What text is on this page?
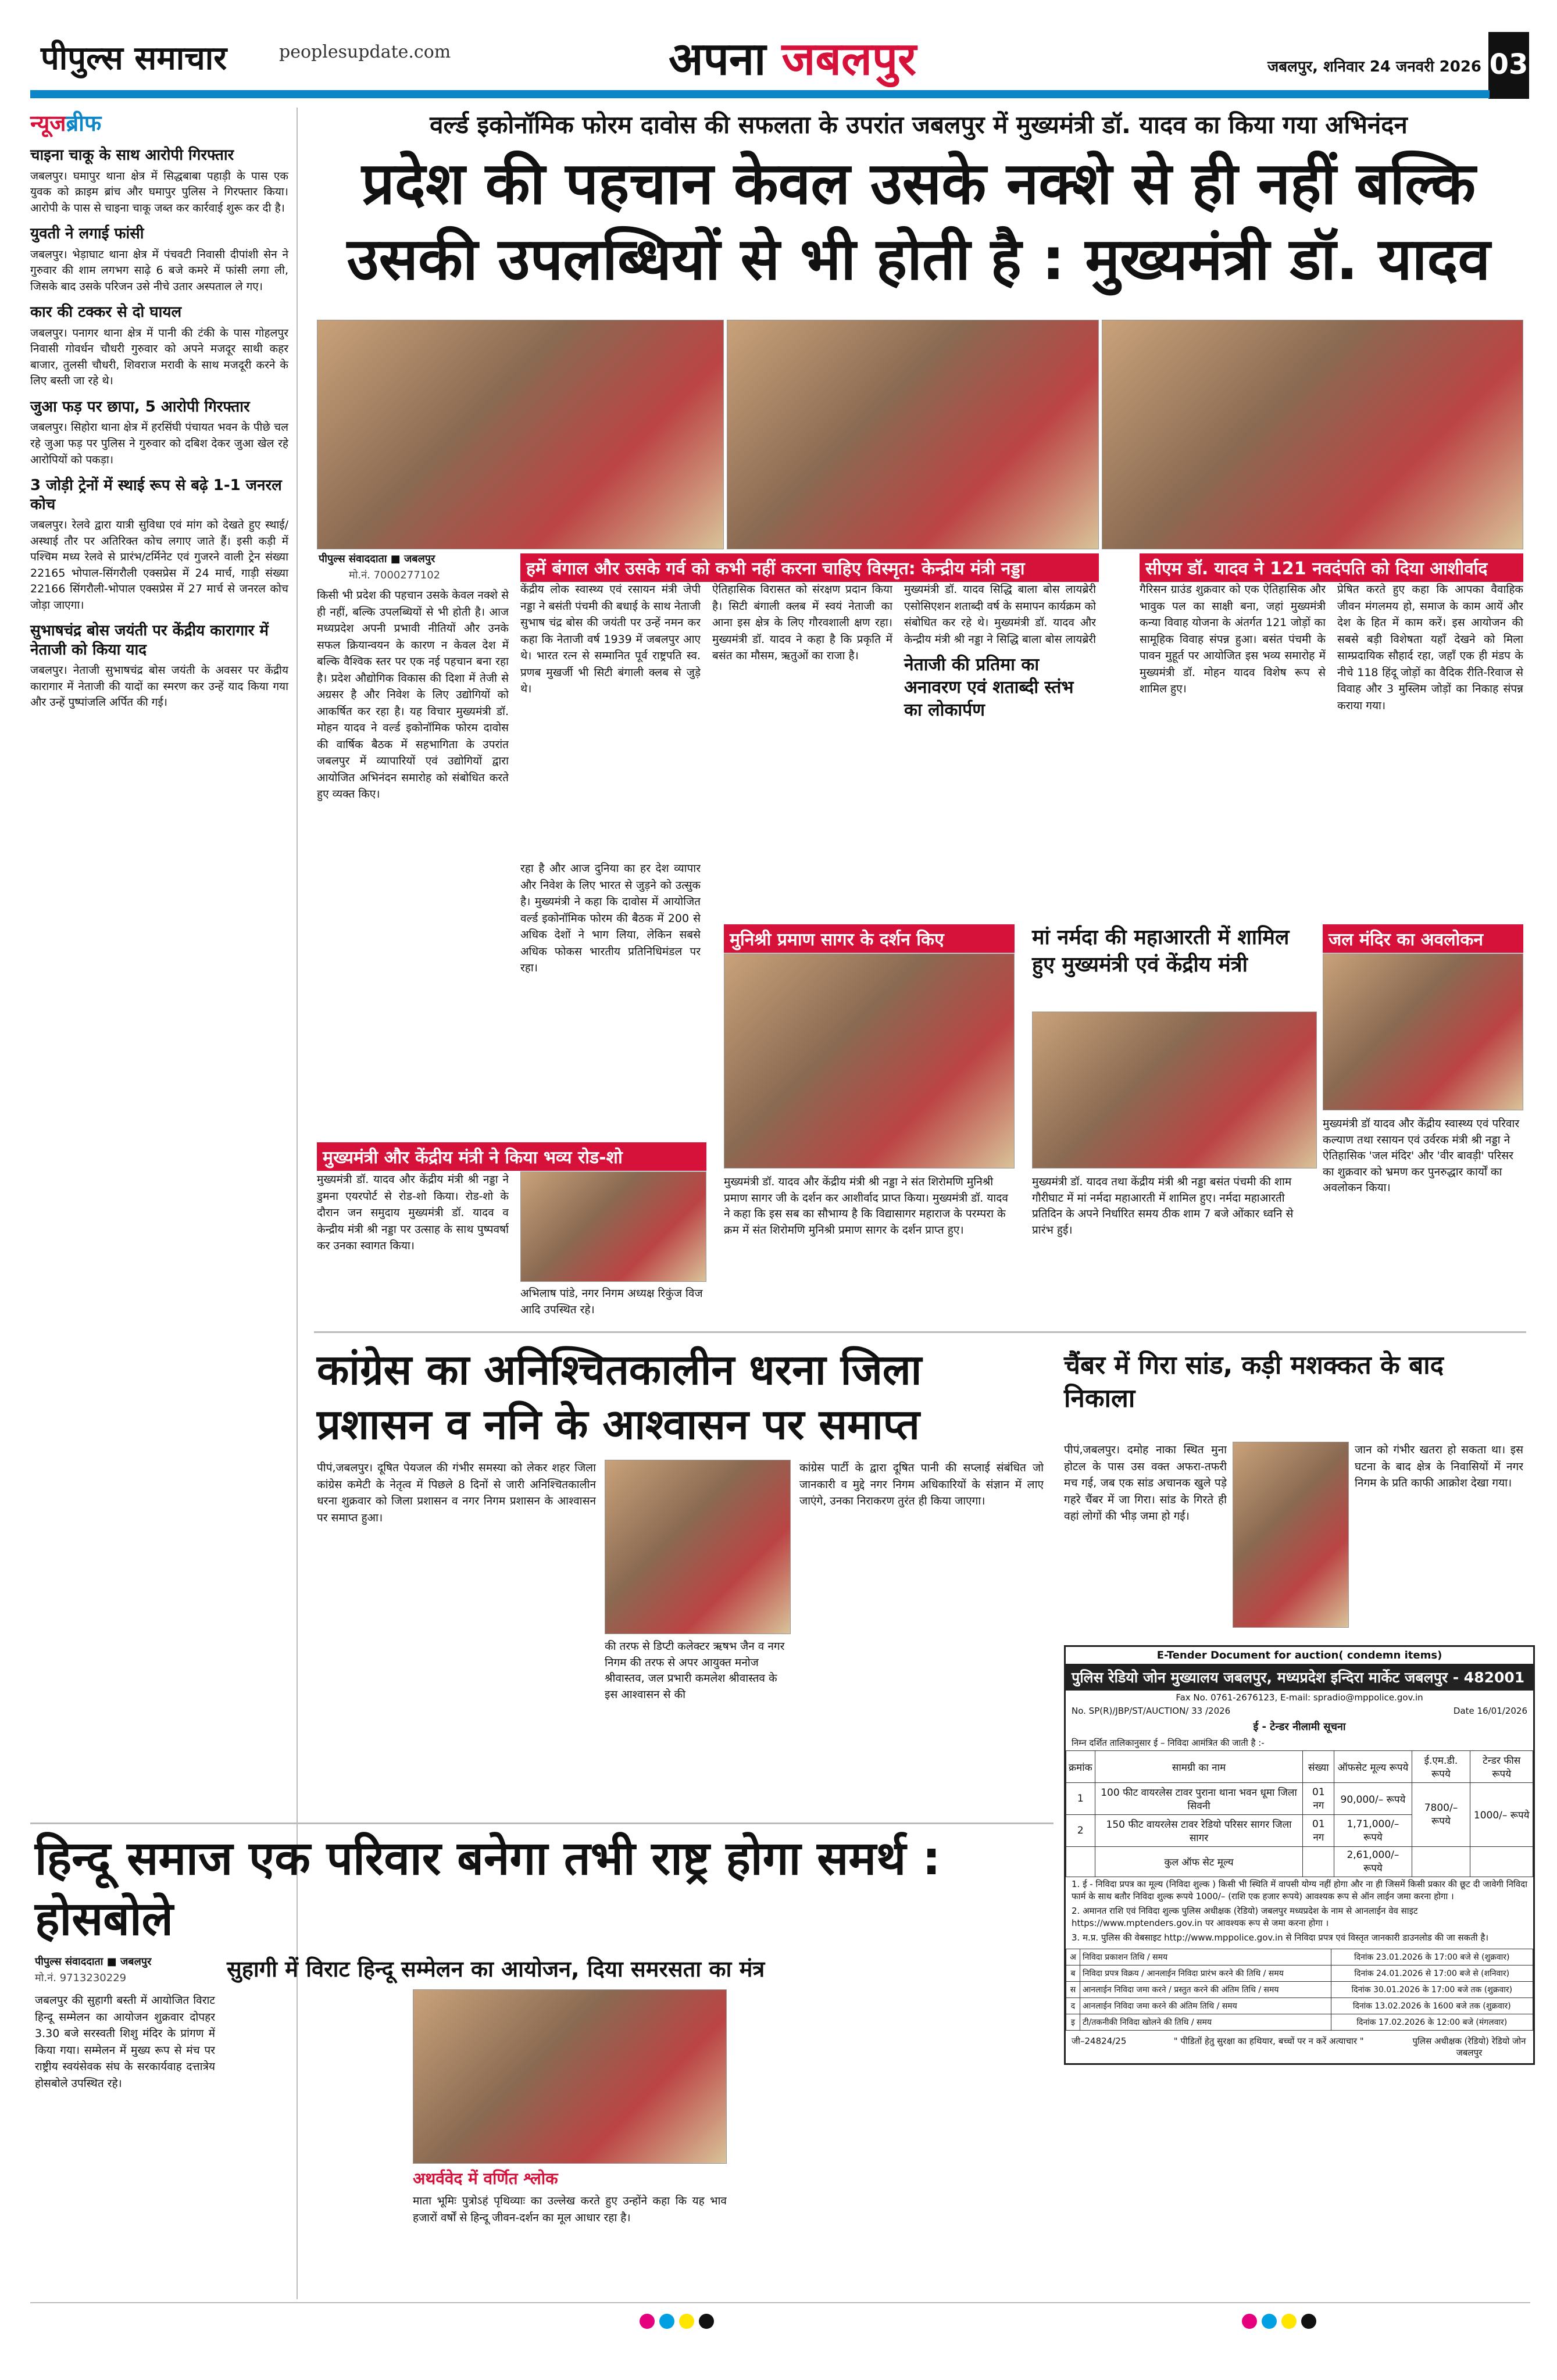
पीपुल्स समाचार	peoplesupdate.com	अपना जबलपुर	जबलपुर, शनिवार 24 जनवरी 2026 03
न्यूजब्रीफ
चाइना चाकू के साथ आरोपी गिरफ्तार
जबलपुर। घमापुर थाना क्षेत्र में सिद्धबाबा पहाड़ी के पास एक युवक को क्राइम ब्रांच और घमापुर पुलिस ने गिरफ्तार किया। आरोपी के पास से चाइना चाकू जब्त कर कार्रवाई शुरू कर दी है।
युवती ने लगाई फांसी
जबलपुर। भेड़ाघाट थाना क्षेत्र में पंचवटी निवासी दीपांशी सेन ने गुरुवार की शाम लगभग साढ़े 6 बजे कमरे में फांसी लगा ली, जिसके बाद उसके परिजन उसे नीचे उतार अस्पताल ले गए।
कार की टक्कर से दो घायल
जबलपुर। पनागर थाना क्षेत्र में पानी की टंकी के पास गोहलपुर निवासी गोवर्धन चौधरी गुरुवार को अपने मजदूर साथी कहर बाजार, तुलसी चौधरी, शिवराज मरावी के साथ मजदूरी करने के लिए बस्ती जा रहे थे।
जुआ फड़ पर छापा, 5 आरोपी गिरफ्तार
जबलपुर। सिहोरा थाना क्षेत्र में हरसिंघी पंचायत भवन के पीछे चल रहे जुआ फड़ पर पुलिस ने गुरुवार को दबिश देकर जुआ खेल रहे आरोपियों को पकड़ा।
3 जोड़ी ट्रेनों में स्थाई रूप से बढ़े 1-1 जनरल कोच
जबलपुर। रेलवे द्वारा यात्री सुविधा एवं मांग को देखते हुए स्थाई/अस्थाई तौर पर अतिरिक्त कोच लगाए जाते हैं। इसी कड़ी में पश्चिम मध्य रेलवे से प्रारंभ/टर्मिनेट एवं गुजरने वाली ट्रेन संख्या 22165 भोपाल-सिंगरौली एक्सप्रेस में 24 मार्च, गाड़ी संख्या 22166 सिंगरौली-भोपाल एक्सप्रेस में 27 मार्च से जनरल कोच जोड़ा जाएगा।
सुभाषचंद्र बोस जयंती पर केंद्रीय कारागार में नेताजी को किया याद
जबलपुर। नेताजी सुभाषचंद्र बोस जयंती के अवसर पर केंद्रीय कारागार में नेताजी की यादों का स्मरण कर उन्हें याद किया गया और उन्हें पुष्पांजलि अर्पित की गई।
वर्ल्ड इकोनॉमिक फोरम दावोस की सफलता के उपरांत जबलपुर में मुख्यमंत्री डॉ. यादव का किया गया अभिनंदन
प्रदेश की पहचान केवल उसके नक्शे से ही नहीं बल्कि उसकी उपलब्धियों से भी होती है : मुख्यमंत्री डॉ. यादव
पीपुल्स संवाददाता ■ जबलपुर
मो.नं. 7000277102	हमें बंगाल और उसके गर्व को कभी नहीं करना चाहिए विस्मृत: केन्द्रीय मंत्री नड्डा	सीएम डॉ. यादव ने 121 नवदंपति को दिया आशीर्वाद
किसी भी प्रदेश की पहचान उसके केवल नक्शे से ही नहीं, बल्कि उपलब्धियों से भी होती है। आज मध्यप्रदेश अपनी प्रभावी नीतियों और उनके सफल क्रियान्वयन के कारण न केवल देश में बल्कि वैश्विक स्तर पर एक नई पहचान बना रहा है। प्रदेश औद्योगिक विकास की दिशा में तेजी से अग्रसर है और निवेश के लिए उद्योगियों को आकर्षित कर रहा है। यह विचार मुख्यमंत्री डॉ. मोहन यादव ने वर्ल्ड इकोनॉमिक फोरम दावोस की वार्षिक बैठक में सहभागिता के उपरांत जबलपुर में व्यापारियों एवं उद्योगियों द्वारा आयोजित अभिनंदन समारोह को संबोधित करते हुए व्यक्त किए।
केंद्रीय लोक स्वास्थ्य एवं रसायन मंत्री जेपी नड्डा ने बसंती पंचमी की बधाई के साथ नेताजी सुभाष चंद्र बोस की जयंती पर उन्हें नमन कर कहा कि नेताजी वर्ष 1939 में जबलपुर आए थे। भारत रत्न से सम्मानित पूर्व राष्ट्रपति स्व. प्रणब मुखर्जी भी सिटी बंगाली क्लब से जुड़े थे।
रहा है और आज दुनिया का हर देश व्यापार और निवेश के लिए भारत से जुड़ने को उत्सुक है। मुख्यमंत्री ने कहा कि दावोस में आयोजित वर्ल्ड इकोनॉमिक फोरम की बैठक में 200 से अधिक देशों ने भाग लिया, लेकिन सबसे अधिक फोकस भारतीय प्रतिनिधिमंडल पर रहा।
ऐतिहासिक विरासत को संरक्षण प्रदान किया है। सिटी बंगाली क्लब में स्वयं नेताजी का आना इस क्षेत्र के लिए गौरवशाली क्षण रहा। मुख्यमंत्री डॉ. यादव ने कहा है कि प्रकृति में बसंत का मौसम, ऋतुओं का राजा है।
मुख्यमंत्री डॉ. यादव सिद्धि बाला बोस लायब्रेरी एसोसिएशन शताब्दी वर्ष के समापन कार्यक्रम को संबोधित कर रहे थे। मुख्यमंत्री डॉ. यादव और केन्द्रीय मंत्री श्री नड्डा ने सिद्धि बाला बोस लायब्रेरी
नेताजी की प्रतिमा का अनावरण एवं शताब्दी स्तंभ का लोकार्पण
गैरिसन ग्राउंड शुक्रवार को एक ऐतिहासिक और भावुक पल का साक्षी बना, जहां मुख्यमंत्री कन्या विवाह योजना के अंतर्गत 121 जोड़ों का सामूहिक विवाह संपन्न हुआ। बसंत पंचमी के पावन मुहूर्त पर आयोजित इस भव्य समारोह में मुख्यमंत्री डॉ. मोहन यादव विशेष रूप से शामिल हुए।
प्रेषित करते हुए कहा कि आपका वैवाहिक जीवन मंगलमय हो, समाज के काम आयें और देश के हित में काम करें। इस आयोजन की सबसे बड़ी विशेषता यहाँ देखने को मिला साम्प्रदायिक सौहार्द रहा, जहाँ एक ही मंडप के नीचे 118 हिंदू जोड़ों का वैदिक रीति-रिवाज से विवाह और 3 मुस्लिम जोड़ों का निकाह संपन्न कराया गया।
मुनिश्री प्रमाण सागर के दर्शन किए
मुख्यमंत्री डॉ. यादव और केंद्रीय मंत्री श्री नड्डा ने संत शिरोमणि मुनिश्री प्रमाण सागर जी के दर्शन कर आशीर्वाद प्राप्त किया। मुख्यमंत्री डॉ. यादव ने कहा कि इस सब का सौभाग्य है कि विद्यासागर महाराज के परम्परा के क्रम में संत शिरोमणि मुनिश्री प्रमाण सागर के दर्शन प्राप्त हुए।
मां नर्मदा की महाआरती में शामिल हुए मुख्यमंत्री एवं केंद्रीय मंत्री
मुख्यमंत्री डॉ. यादव तथा केंद्रीय मंत्री श्री नड्डा बसंत पंचमी की शाम गौरीघाट में मां नर्मदा महाआरती में शामिल हुए। नर्मदा महाआरती प्रतिदिन के अपने निर्धारित समय ठीक शाम 7 बजे ओंकार ध्वनि से प्रारंभ हुई।
जल मंदिर का अवलोकन
मुख्यमंत्री डॉ यादव और केंद्रीय स्वास्थ्य एवं परिवार कल्याण तथा रसायन एवं उर्वरक मंत्री श्री नड्डा ने ऐतिहासिक 'जल मंदिर' और 'वीर बावड़ी' परिसर का शुक्रवार को भ्रमण कर पुनरुद्धार कार्यों का अवलोकन किया।
मुख्यमंत्री और केंद्रीय मंत्री ने किया भव्य रोड-शो
मुख्यमंत्री डॉ. यादव और केंद्रीय मंत्री श्री नड्डा ने डुमना एयरपोर्ट से रोड-शो किया। रोड-शो के दौरान जन समुदाय मुख्यमंत्री डॉ. यादव व केन्द्रीय मंत्री श्री नड्डा पर उत्साह के साथ पुष्पवर्षा कर उनका स्वागत किया।
अभिलाष पांडे, नगर निगम अध्यक्ष रिकुंज विज आदि उपस्थित रहे।
कांग्रेस का अनिश्चितकालीन धरना जिला प्रशासन व ननि के आश्वासन पर समाप्त
पीपं,जबलपुर। दूषित पेयजल की गंभीर समस्या को लेकर शहर जिला कांग्रेस कमेटी के नेतृत्व में पिछले 8 दिनों से जारी अनिश्चितकालीन धरना शुक्रवार को जिला प्रशासन व नगर निगम प्रशासन के आश्वासन पर समाप्त हुआ।
की तरफ से डिप्टी कलेक्टर ऋषभ जैन व नगर निगम की तरफ से अपर आयुक्त मनोज श्रीवास्तव, जल प्रभारी कमलेश श्रीवास्तव के इस आश्वासन से की
कांग्रेस पार्टी के द्वारा दूषित पानी की सप्लाई संबंधित जो जानकारी व मुद्दे नगर निगम अधिकारियों के संज्ञान में लाए जाएंगे, उनका निराकरण तुरंत ही किया जाएगा।
चैंबर में गिरा सांड, कड़ी मशक्कत के बाद निकाला
पीपं,जबलपुर। दमोह नाका स्थित मुना होटल के पास उस वक्त अफरा-तफरी मच गई, जब एक सांड अचानक खुले पड़े गहरे चैंबर में जा गिरा। सांड के गिरते ही वहां लोगों की भीड़ जमा हो गई।
जान को गंभीर खतरा हो सकता था। इस घटना के बाद क्षेत्र के निवासियों में नगर निगम के प्रति काफी आक्रोश देखा गया।
E-Tender Document for auction( condemn items)
पुलिस रेडियो जोन मुख्यालय जबलपुर, मध्यप्रदेश इन्दिरा मार्केट जबलपुर - 482001
Fax No. 0761-2676123, E-mail: spradio@mppolice.gov.in
No. SP(R)/JBP/ST/AUCTION/ 33 /2026	Date 16/01/2026
ई - टेन्डर नीलामी सूचना

निम्न दर्शित तालिकानुसार ई – निविदा आमंत्रित की जाती है :-

क्रमांक	सामग्री का नाम	संख्या	ऑफसेट मूल्य रूपये	ई.एम.डी. रूपये	टेन्डर फीस रूपये
1	100 फीट वायरलेस टावर पुराना थाना भवन धूमा जिला सिवनी	01 नग	90,000/– रूपये	7800/– रूपये	1000/– रूपये
2	150 फीट वायरलेस टावर रेडियो परिसर सागर जिला सागर	01 नग	1,71,000/– रूपये		
	कुल ऑफ सेट मूल्य		2,61,000/– रूपये		

1. ई - निविदा प्रपत्र का मूल्य (निविदा शुल्क ) किसी भी स्थिति में वापसी योग्य नहीं होगा और ना ही जिसमें किसी प्रकार की छूट दी जावेगी निविदा फार्म के साथ बतौर निविदा शुल्क रूपये 1000/– (राशि एक हजार रूपये) आवश्यक रूप से ऑन लाईन जमा करना होगा ।

2. अमानत राशि एवं निविदा शुल्क पुलिस अधीक्षक (रेडियो) जबलपुर मध्यप्रदेश के नाम से आनलाईन वेव साइट https://www.mptenders.gov.in पर आवश्यक रूप से जमा करना होगा ।

3. म.प्र. पुलिस की वेबसाइट http://www.mppolice.gov.in से निविदा प्रपत्र एवं विस्तृत जानकारी डाउनलोड की जा सकती है।

अ	निविदा प्रकाशन तिथि / समय	दिनांक 23.01.2026 के 17:00 बजे से (शुक्रवार)
ब	निविदा प्रपत्र विक्रय / आनलाईन निविदा प्रारंभ करने की तिथि / समय	दिनांक 24.01.2026 से 17:00 बजे से (शनिवार)
स	आनलाईन निविदा जमा करने / प्रस्तुत करने की अंतिम तिथि / समय	दिनांक 30.01.2026 के 17:00 बजे तक (शुक्रवार)
द	आनलाईन निविदा जमा करने की अंतिम तिथि / समय	दिनांक 13.02.2026 के 1600 बजे तक (शुक्रवार)
इ	टी/तकनीकी निविदा खोलने की तिथि / समय	दिनांक 17.02.2026 के 12:00 बजे (मंगलवार)
जी–24824/25	" पीडितों हेतु सुरक्षा का हथियार, बच्चों पर न करें अत्याचार "	पुलिस अधीक्षक (रेडियो) रेडियो जोन जबलपुर
हिन्दू समाज एक परिवार बनेगा तभी राष्ट्र होगा समर्थ : होसबोले
पीपुल्स संवाददाता ■ जबलपुर
मो.नं. 9713230229
जबलपुर की सुहागी बस्ती में आयोजित विराट हिन्दू सम्मेलन का आयोजन शुक्रवार दोपहर 3.30 बजे सरस्वती शिशु मंदिर के प्रांगण में किया गया। सम्मेलन में मुख्य रूप से मंच पर राष्ट्रीय स्वयंसेवक संघ के सरकार्यवाह दत्तात्रेय होसबोले उपस्थित रहे।
सुहागी में विराट हिन्दू सम्मेलन का आयोजन, दिया समरसता का मंत्र
अथर्ववेद में वर्णित श्लोक
माता भूमिः पुत्रोऽहं पृथिव्याः का उल्लेख करते हुए उन्होंने कहा कि यह भाव हजारों वर्षों से हिन्दू जीवन-दर्शन का मूल आधार रहा है।
